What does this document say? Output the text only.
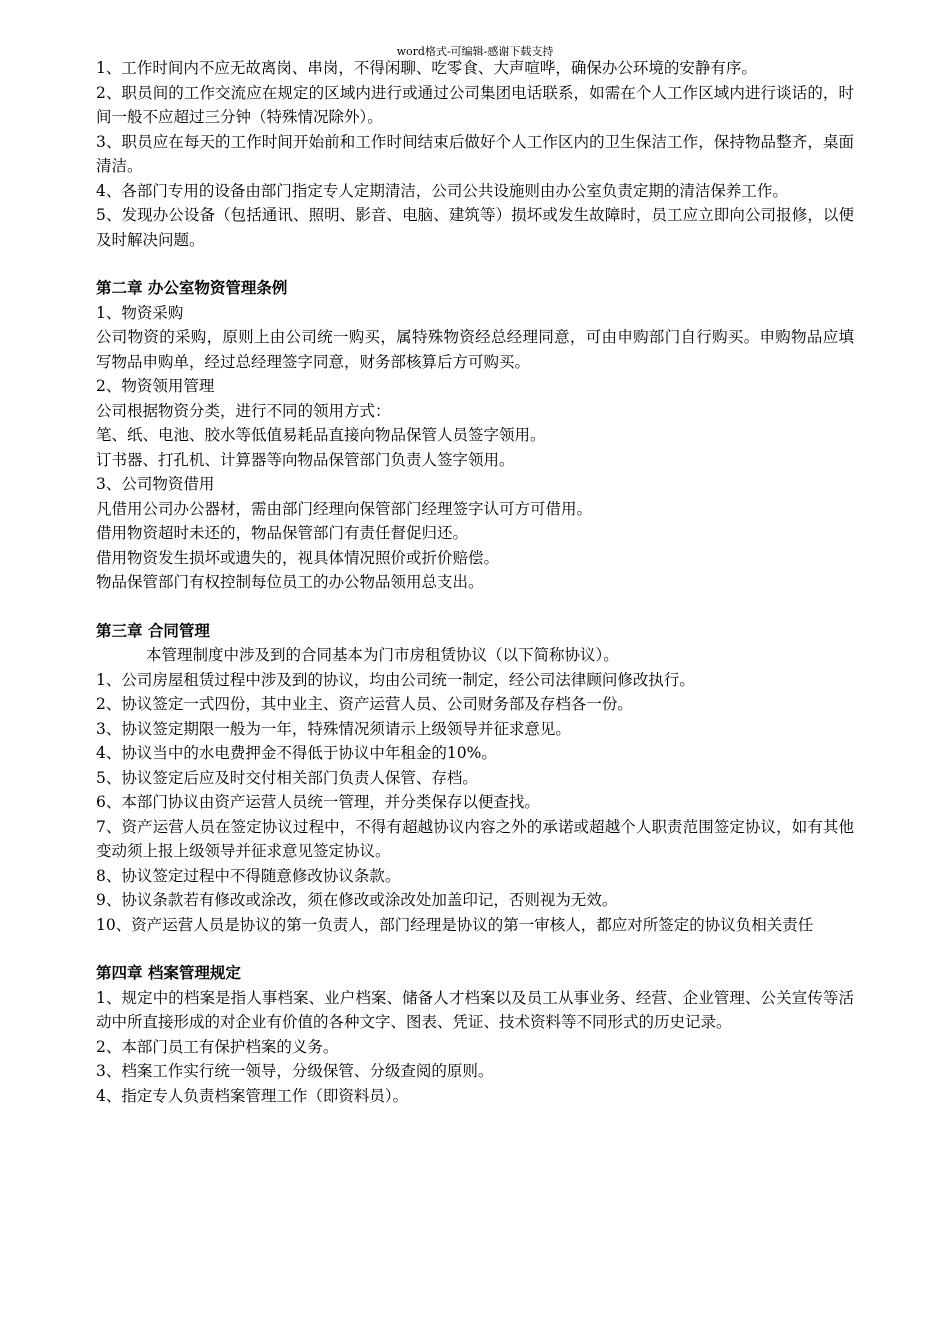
word格式-可编辑-感谢下载支持

1、工作时间内不应无故离岗、串岗，不得闲聊、吃零食、大声喧哗，确保办公环境的安静有序。

2、职员间的工作交流应在规定的区域内进行或通过公司集团电话联系，如需在个人工作区域内进行谈话的，时间一般不应超过三分钟（特殊情况除外）。

3、职员应在每天的工作时间开始前和工作时间结束后做好个人工作区内的卫生保洁工作，保持物品整齐，桌面清洁。

4、各部门专用的设备由部门指定专人定期清洁，公司公共设施则由办公室负责定期的清洁保养工作。

5、发现办公设备（包括通讯、照明、影音、电脑、建筑等）损坏或发生故障时，员工应立即向公司报修，以便及时解决问题。

第二章 办公室物资管理条例

1、物资采购

公司物资的采购，原则上由公司统一购买，属特殊物资经总经理同意，可由申购部门自行购买。申购物品应填写物品申购单，经过总经理签字同意，财务部核算后方可购买。

2、物资领用管理

公司根据物资分类，进行不同的领用方式：

笔、纸、电池、胶水等低值易耗品直接向物品保管人员签字领用。

订书器、打孔机、计算器等向物品保管部门负责人签字领用。

3、公司物资借用

凡借用公司办公器材，需由部门经理向保管部门经理签字认可方可借用。

借用物资超时未还的，物品保管部门有责任督促归还。

借用物资发生损坏或遗失的，视具体情况照价或折价赔偿。

物品保管部门有权控制每位员工的办公物品领用总支出。

第三章 合同管理

本管理制度中涉及到的合同基本为门市房租赁协议（以下简称协议）。

1、公司房屋租赁过程中涉及到的协议，均由公司统一制定，经公司法律顾问修改执行。

2、协议签定一式四份，其中业主、资产运营人员、公司财务部及存档各一份。

3、协议签定期限一般为一年，特殊情况须请示上级领导并征求意见。

4、协议当中的水电费押金不得低于协议中年租金的10%。

5、协议签定后应及时交付相关部门负责人保管、存档。

6、本部门协议由资产运营人员统一管理，并分类保存以便查找。

7、资产运营人员在签定协议过程中，不得有超越协议内容之外的承诺或超越个人职责范围签定协议，如有其他变动须上报上级领导并征求意见签定协议。

8、协议签定过程中不得随意修改协议条款。

9、协议条款若有修改或涂改，须在修改或涂改处加盖印记，否则视为无效。

10、资产运营人员是协议的第一负责人，部门经理是协议的第一审核人，都应对所签定的协议负相关责任

第四章 档案管理规定

1、规定中的档案是指人事档案、业户档案、储备人才档案以及员工从事业务、经营、企业管理、公关宣传等活动中所直接形成的对企业有价值的各种文字、图表、凭证、技术资料等不同形式的历史记录。

2、本部门员工有保护档案的义务。

3、档案工作实行统一领导，分级保管、分级查阅的原则。

4、指定专人负责档案管理工作（即资料员）。
